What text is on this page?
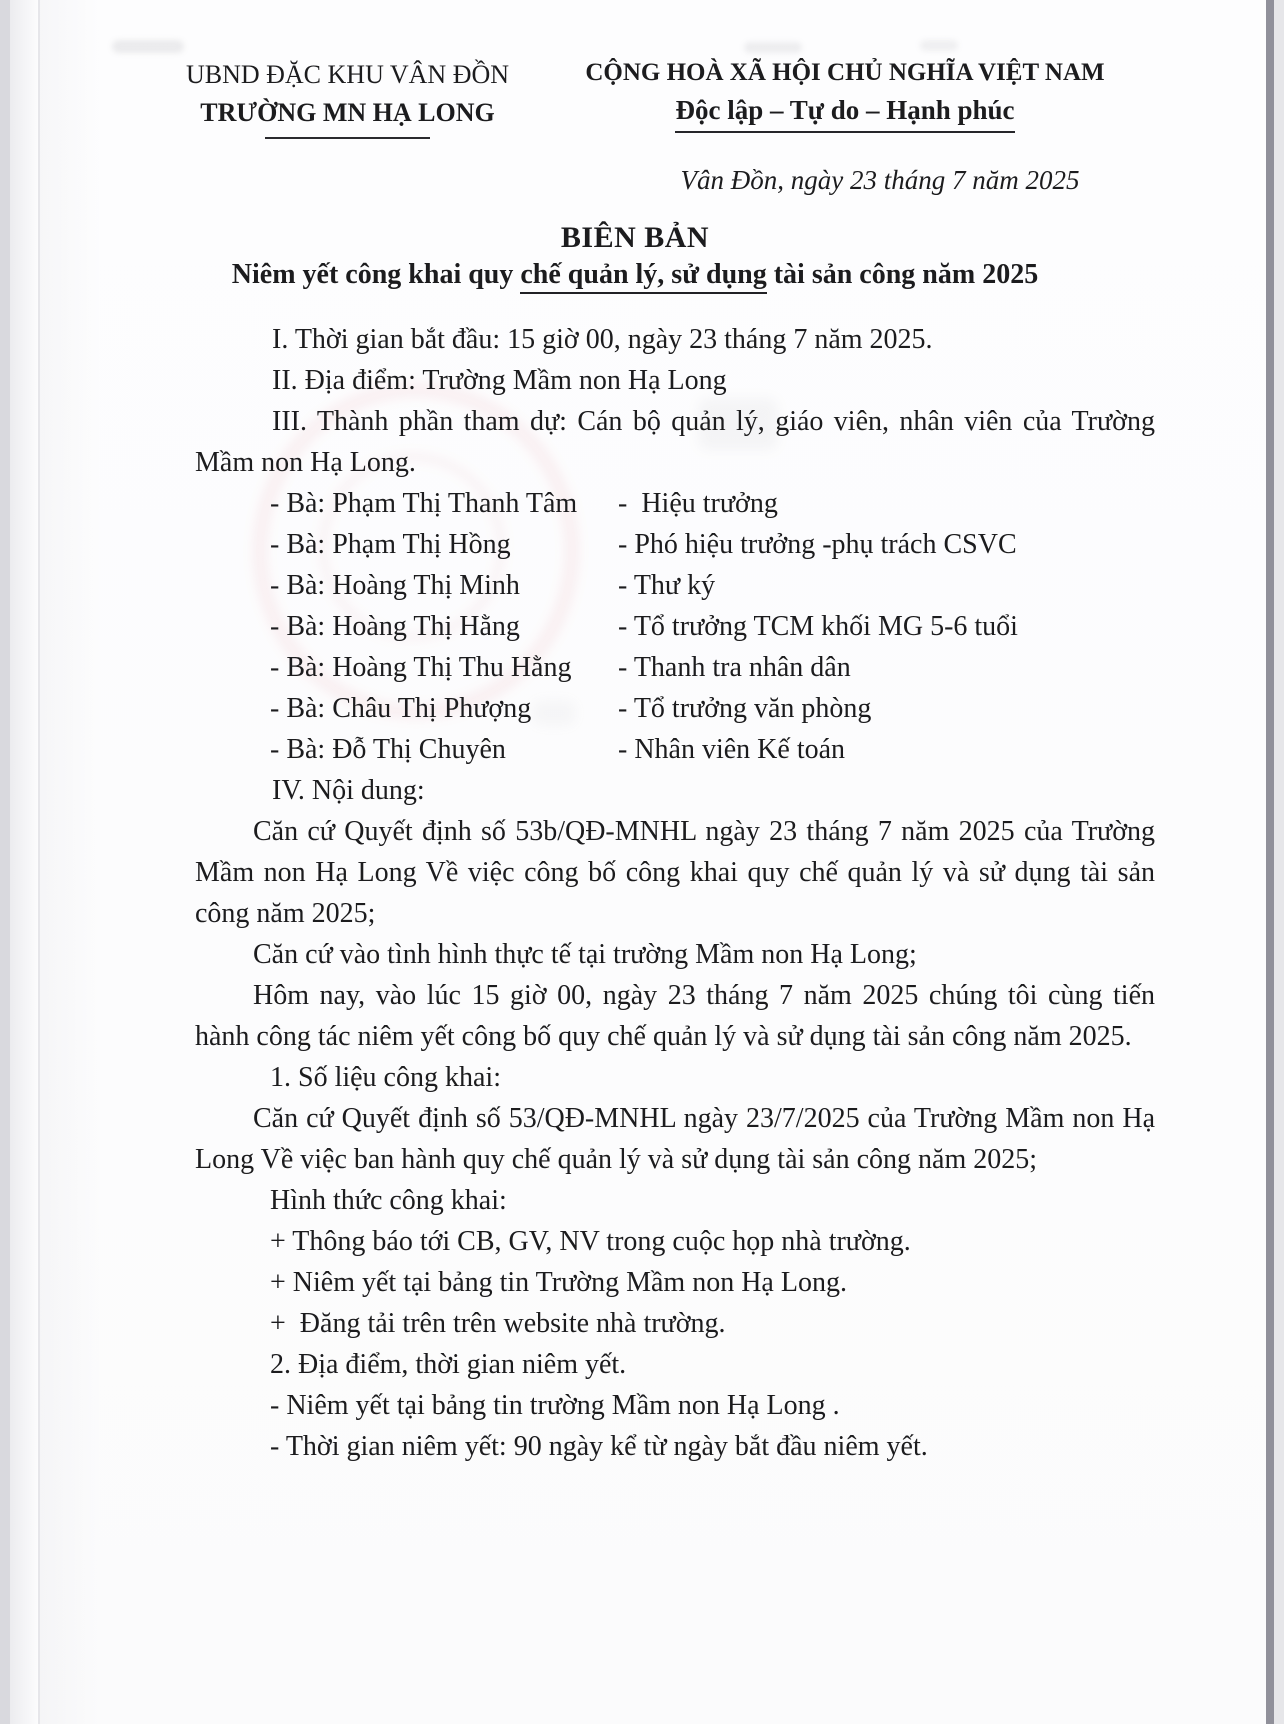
UBND ĐẶC KHU VÂN ĐỒN
TRƯỜNG MN HẠ LONG
CỘNG HOÀ XÃ HỘI CHỦ NGHĨA VIỆT NAM
Độc lập – Tự do – Hạnh phúc
Vân Đồn, ngày 23 tháng 7 năm 2025
BIÊN BẢN
Niêm yết công khai quy chế quản lý, sử dụng tài sản công năm 2025

I. Thời gian bắt đầu: 15 giờ 00, ngày 23 tháng 7 năm 2025.

II. Địa điểm: Trường Mầm non Hạ Long

III. Thành phần tham dự: Cán bộ quản lý, giáo viên, nhân viên của Trường Mầm non Hạ Long.

- Bà: Phạm Thị Thanh Tâm	-  Hiệu trưởng
- Bà: Phạm Thị Hồng	- Phó hiệu trưởng -phụ trách CSVC
- Bà: Hoàng Thị Minh	- Thư ký
- Bà: Hoàng Thị Hằng	- Tổ trưởng TCM khối MG 5-6 tuổi
- Bà: Hoàng Thị Thu Hằng	- Thanh tra nhân dân
- Bà: Châu Thị Phượng	- Tổ trưởng văn phòng
- Bà: Đỗ Thị Chuyên	- Nhân viên Kế toán

IV. Nội dung:

Căn cứ Quyết định số 53b/QĐ-MNHL ngày 23 tháng 7 năm 2025 của Trường Mầm non Hạ Long Về việc công bố công khai quy chế quản lý và sử dụng tài sản công năm 2025;

Căn cứ vào tình hình thực tế tại trường Mầm non Hạ Long;

Hôm nay, vào lúc 15 giờ 00, ngày 23 tháng 7 năm 2025 chúng tôi cùng tiến hành công tác niêm yết công bố quy chế quản lý và sử dụng tài sản công năm 2025.

1. Số liệu công khai:

Căn cứ Quyết định số 53/QĐ-MNHL ngày 23/7/2025 của Trường Mầm non Hạ Long Về việc ban hành quy chế quản lý và sử dụng tài sản công năm 2025;

Hình thức công khai:

+ Thông báo tới CB, GV, NV trong cuộc họp nhà trường.

+ Niêm yết tại bảng tin Trường Mầm non Hạ Long.

+  Đăng tải trên trên website nhà trường.

2. Địa điểm, thời gian niêm yết.

- Niêm yết tại bảng tin trường Mầm non Hạ Long .

- Thời gian niêm yết: 90 ngày kể từ ngày bắt đầu niêm yết.
